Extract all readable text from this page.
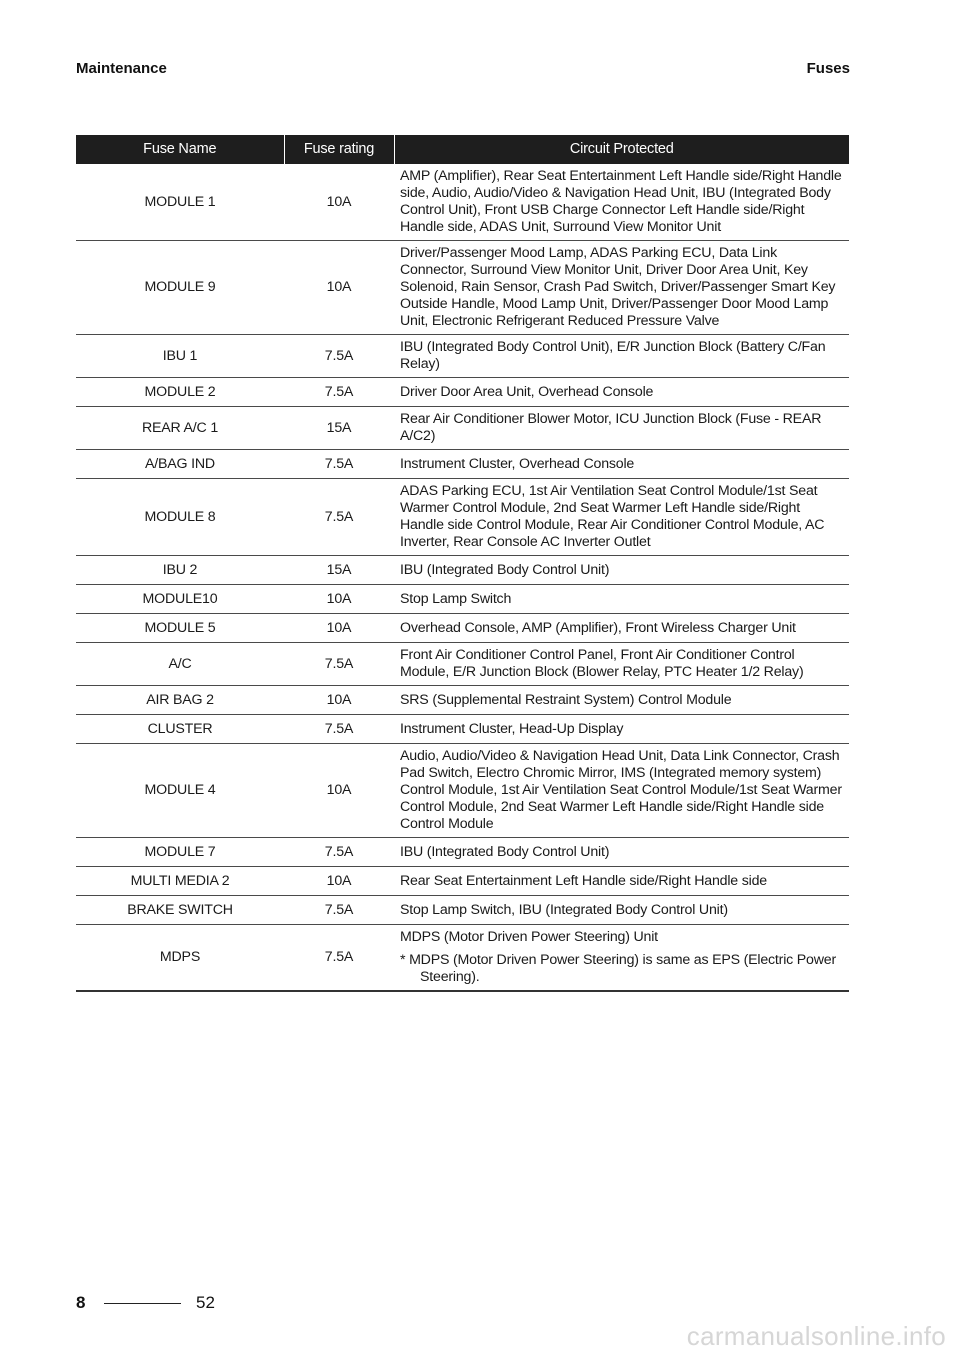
Maintenance	Fuses
Fuse Name	Fuse rating	Circuit Protected
MODULE 1	10A	AMP (Amplifier), Rear Seat Entertainment Left Handle side/Right Handle side, Audio, Audio/Video & Navigation Head Unit, IBU (Integrated Body Control Unit), Front USB Charge Connector Left Handle side/Right Handle side, ADAS Unit, Surround View Monitor Unit
MODULE 9	10A	Driver/Passenger Mood Lamp, ADAS Parking ECU, Data Link Connector, Surround View Monitor Unit, Driver Door Area Unit, Key Solenoid, Rain Sensor, Crash Pad Switch, Driver/Passenger Smart Key Outside Handle, Mood Lamp Unit, Driver/Passenger Door Mood Lamp Unit, Electronic Refrigerant Reduced Pressure Valve
IBU 1	7.5A	IBU (Integrated Body Control Unit), E/R Junction Block (Battery C/Fan Relay)
MODULE 2	7.5A	Driver Door Area Unit, Overhead Console
REAR A/C 1	15A	Rear Air Conditioner Blower Motor, ICU Junction Block (Fuse - REAR A/C2)
A/BAG IND	7.5A	Instrument Cluster, Overhead Console
MODULE 8	7.5A	ADAS Parking ECU, 1st Air Ventilation Seat Control Module/1st Seat Warmer Control Module, 2nd Seat Warmer Left Handle side/Right Handle side Control Module, Rear Air Conditioner Control Module, AC Inverter, Rear Console AC Inverter Outlet
IBU 2	15A	IBU (Integrated Body Control Unit)
MODULE10	10A	Stop Lamp Switch
MODULE 5	10A	Overhead Console, AMP (Amplifier), Front Wireless Charger Unit
A/C	7.5A	Front Air Conditioner Control Panel, Front Air Conditioner Control Module, E/R Junction Block (Blower Relay, PTC Heater 1/2 Relay)
AIR BAG 2	10A	SRS (Supplemental Restraint System) Control Module
CLUSTER	7.5A	Instrument Cluster, Head-Up Display
MODULE 4	10A	Audio, Audio/Video & Navigation Head Unit, Data Link Connector, Crash Pad Switch, Electro Chromic Mirror, IMS (Integrated memory system) Control Module, 1st Air Ventilation Seat Control Module/1st Seat Warmer Control Module, 2nd Seat Warmer Left Handle side/Right Handle side Control Module
MODULE 7	7.5A	IBU (Integrated Body Control Unit)
MULTI MEDIA 2	10A	Rear Seat Entertainment Left Handle side/Right Handle side
BRAKE SWITCH	7.5A	Stop Lamp Switch, IBU (Integrated Body Control Unit)
MDPS	7.5A	MDPS (Motor Driven Power Steering) Unit
* MDPS (Motor Driven Power Steering) is same as EPS (Electric Power Steering).
8	52
carmanualsonline.info
